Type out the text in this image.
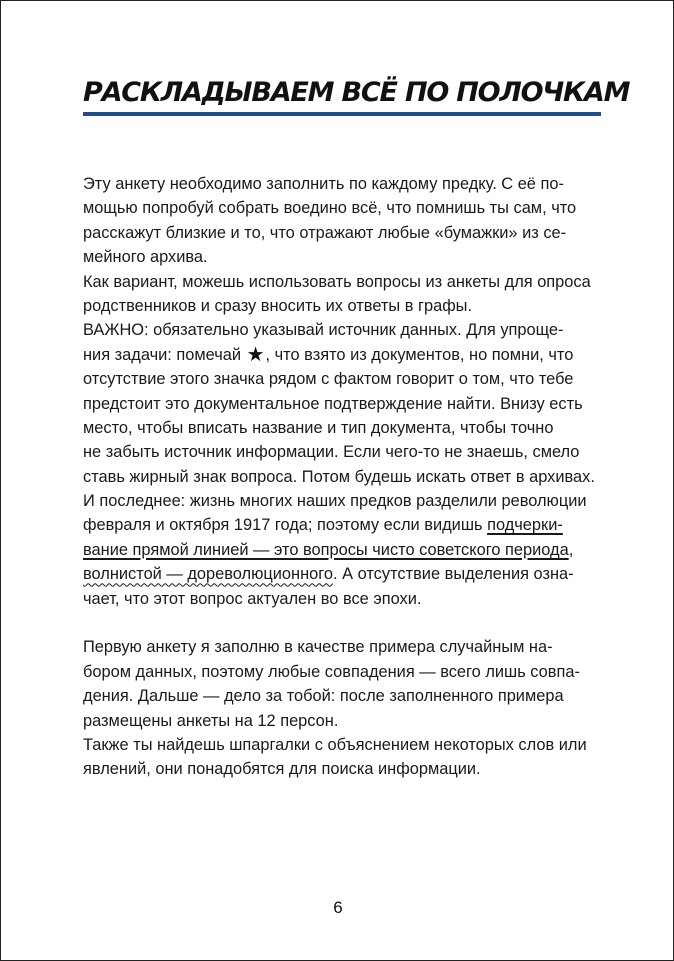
РАСКЛАДЫВАЕМ ВСЁ ПО ПОЛОЧКАМ
Эту анкету необходимо заполнить по каждому предку. С её по-
мощью попробуй собрать воедино всё, что помнишь ты сам, что
расскажут близкие и то, что отражают любые «бумажки» из се-
мейного архива.
Как вариант, можешь использовать вопросы из анкеты для опроса
родственников и сразу вносить их ответы в графы.
ВАЖНО: обязательно указывай источник данных. Для упроще-
ния задачи: помечай ★, что взято из документов, но помни, что
отсутствие этого значка рядом с фактом говорит о том, что тебе
предстоит это документальное подтверждение найти. Внизу есть
место, чтобы вписать название и тип документа, чтобы точно
не забыть источник информации. Если чего-то не знаешь, смело
ставь жирный знак вопроса. Потом будешь искать ответ в архивах.
И последнее: жизнь многих наших предков разделили революции
февраля и октября 1917 года; поэтому если видишь подчерки-
вание прямой линией — это вопросы чисто советского периода,
волнистой — дореволюционного. А отсутствие выделения озна-
чает, что этот вопрос актуален во все эпохи.
Первую анкету я заполню в качестве примера случайным на-
бором данных, поэтому любые совпадения — всего лишь совпа-
дения. Дальше — дело за тобой: после заполненного примера
размещены анкеты на 12 персон.
Также ты найдешь шпаргалки с объяснением некоторых слов или
явлений, они понадобятся для поиска информации.
6
